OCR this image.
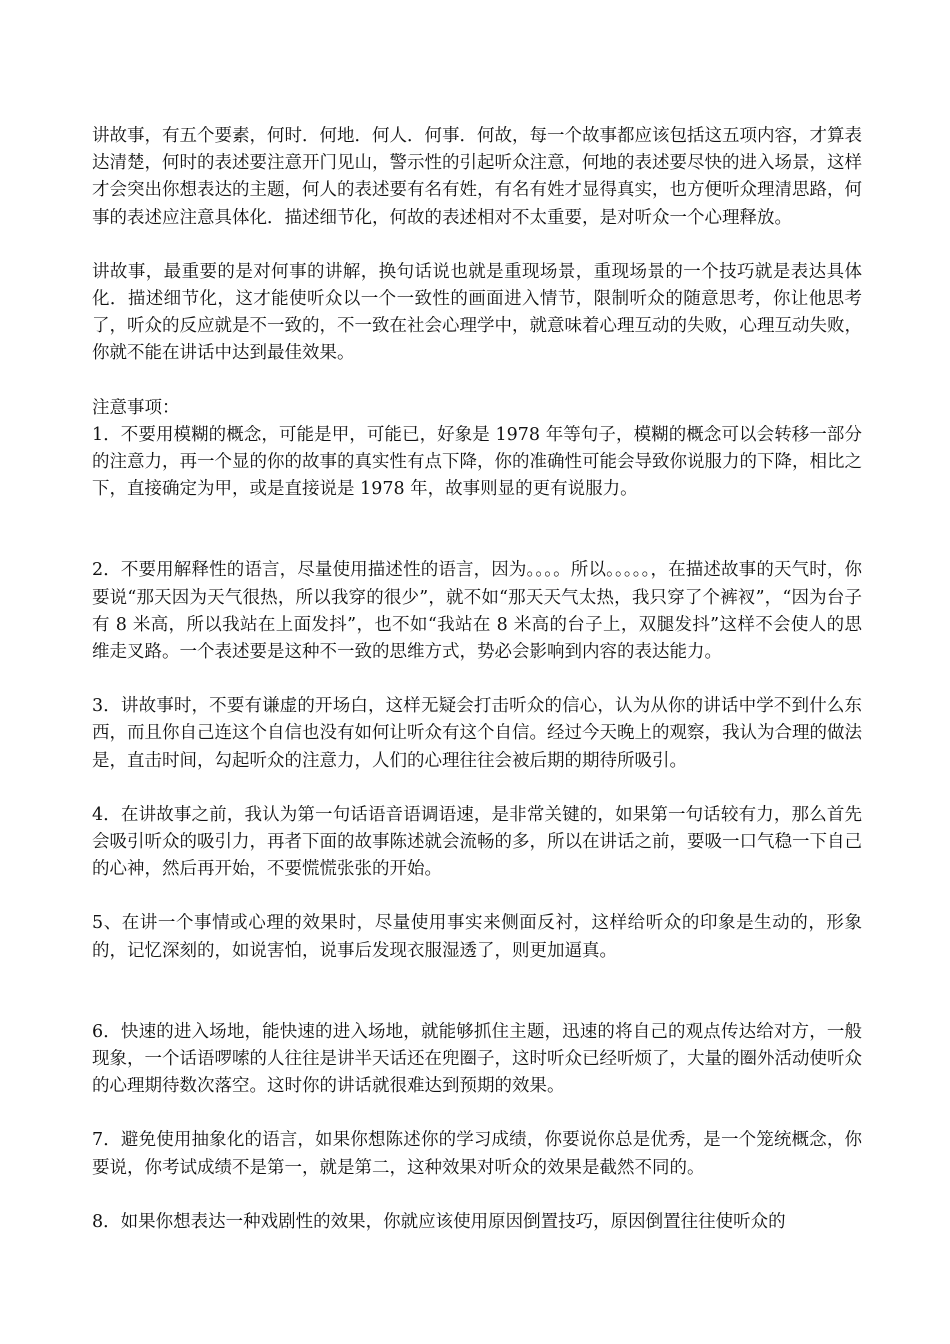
讲故事，有五个要素，何时．何地．何人．何事．何故，每一个故事都应该包括这五项内容，才算表达清楚，何时的表述要注意开门见山，警示性的引起听众注意，何地的表述要尽快的进入场景，这样才会突出你想表达的主题，何人的表述要有名有姓，有名有姓才显得真实，也方便听众理清思路，何事的表述应注意具体化．描述细节化，何故的表述相对不太重要，是对听众一个心理释放。

讲故事，最重要的是对何事的讲解，换句话说也就是重现场景，重现场景的一个技巧就是表达具体化．描述细节化，这才能使听众以一个一致性的画面进入情节，限制听众的随意思考，你让他思考了，听众的反应就是不一致的，不一致在社会心理学中，就意味着心理互动的失败，心理互动失败，你就不能在讲话中达到最佳效果。

注意事项：

1．不要用模糊的概念，可能是甲，可能已，好象是 1978 年等句子，模糊的概念可以会转移一部分的注意力，再一个显的你的故事的真实性有点下降，你的准确性可能会导致你说服力的下降，相比之下，直接确定为甲，或是直接说是 1978 年，故事则显的更有说服力。

2．不要用解释性的语言，尽量使用描述性的语言，因为。。。。所以。。。。。，在描述故事的天气时，你要说“那天因为天气很热，所以我穿的很少”，就不如“那天天气太热，我只穿了个裤衩”，“因为台子有 8 米高，所以我站在上面发抖”，也不如“我站在 8 米高的台子上，双腿发抖”这样不会使人的思维走叉路。一个表述要是这种不一致的思维方式，势必会影响到内容的表达能力。

3．讲故事时，不要有谦虚的开场白，这样无疑会打击听众的信心，认为从你的讲话中学不到什么东西，而且你自己连这个自信也没有如何让听众有这个自信。经过今天晚上的观察，我认为合理的做法是，直击时间，勾起听众的注意力，人们的心理往往会被后期的期待所吸引。

4．在讲故事之前，我认为第一句话语音语调语速，是非常关键的，如果第一句话较有力，那么首先会吸引听众的吸引力，再者下面的故事陈述就会流畅的多，所以在讲话之前，要吸一口气稳一下自己的心神，然后再开始，不要慌慌张张的开始。

5、在讲一个事情或心理的效果时，尽量使用事实来侧面反衬，这样给听众的印象是生动的，形象的，记忆深刻的，如说害怕，说事后发现衣服湿透了，则更加逼真。

6．快速的进入场地，能快速的进入场地，就能够抓住主题，迅速的将自己的观点传达给对方，一般现象，一个话语啰嗦的人往往是讲半天话还在兜圈子，这时听众已经听烦了，大量的圈外活动使听众的心理期待数次落空。这时你的讲话就很难达到预期的效果。

7．避免使用抽象化的语言，如果你想陈述你的学习成绩，你要说你总是优秀，是一个笼统概念，你要说，你考试成绩不是第一，就是第二，这种效果对听众的效果是截然不同的。

8．如果你想表达一种戏剧性的效果，你就应该使用原因倒置技巧，原因倒置往往使听众的
